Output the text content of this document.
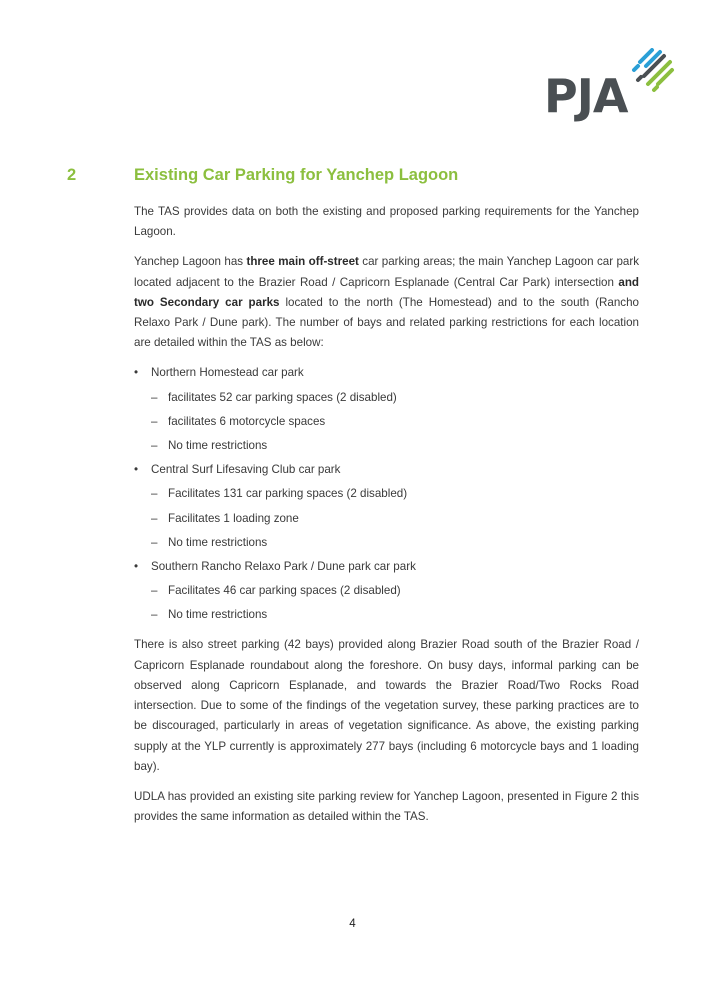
PJA
2	Existing Car Parking for Yanchep Lagoon

The TAS provides data on both the existing and proposed parking requirements for the Yanchep Lagoon.

Yanchep Lagoon has three main off-street car parking areas; the main Yanchep Lagoon car park located adjacent to the Brazier Road / Capricorn Esplanade (Central Car Park) intersection and two Secondary car parks located to the north (The Homestead) and to the south (Rancho Relaxo Park / Dune park). The number of bays and related parking restrictions for each location are detailed within the TAS as below:

• Northern Homestead car park
– facilitates 52 car parking spaces (2 disabled)
– facilitates 6 motorcycle spaces
– No time restrictions
• Central Surf Lifesaving Club car park
– Facilitates 131 car parking spaces (2 disabled)
– Facilitates 1 loading zone
– No time restrictions
• Southern Rancho Relaxo Park / Dune park car park
– Facilitates 46 car parking spaces (2 disabled)
– No time restrictions

There is also street parking (42 bays) provided along Brazier Road south of the Brazier Road / Capricorn Esplanade roundabout along the foreshore. On busy days, informal parking can be observed along Capricorn Esplanade, and towards the Brazier Road/Two Rocks Road intersection. Due to some of the findings of the vegetation survey, these parking practices are to be discouraged, particularly in areas of vegetation significance. As above, the existing parking supply at the YLP currently is approximately 277 bays (including 6 motorcycle bays and 1 loading bay).

UDLA has provided an existing site parking review for Yanchep Lagoon, presented in Figure 2 this provides the same information as detailed within the TAS.

4
